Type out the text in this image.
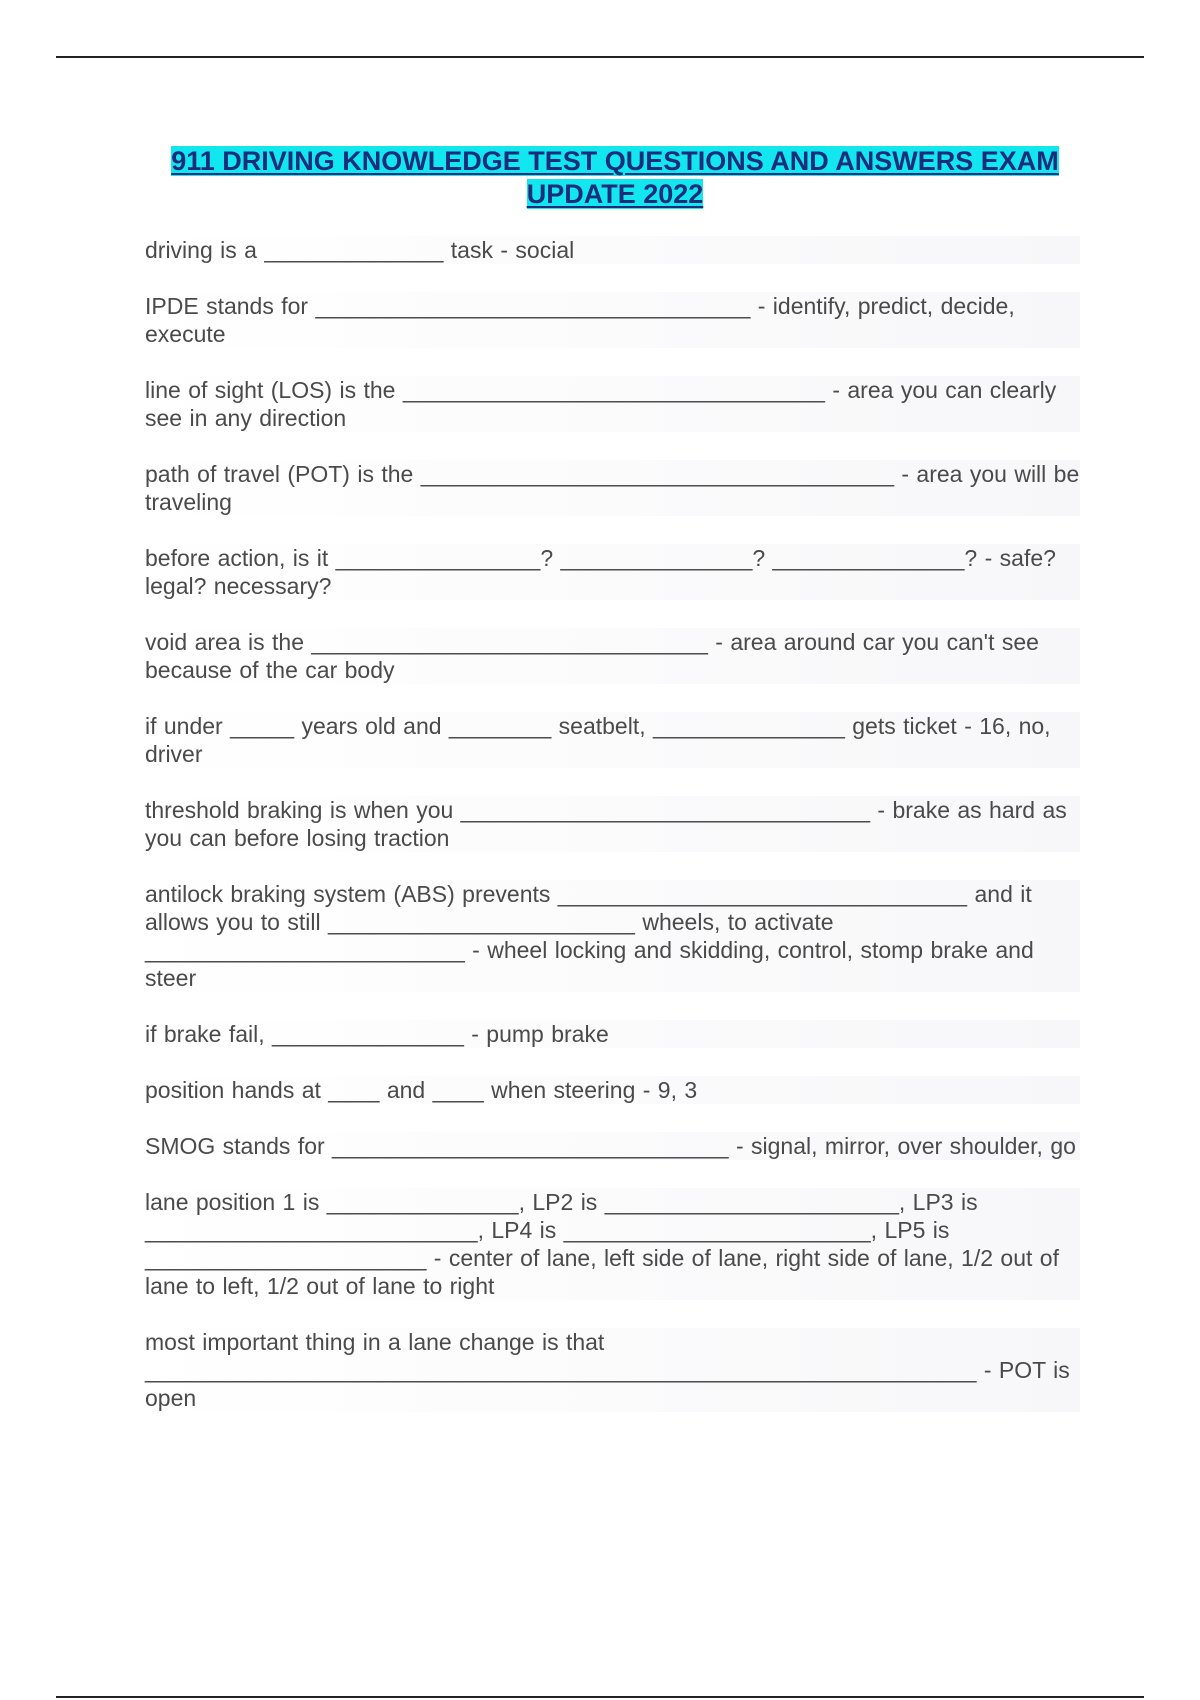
911 DRIVING KNOWLEDGE TEST QUESTIONS AND ANSWERS EXAM UPDATE 2022

driving is a ______________ task - social

IPDE stands for __________________________________ - identify, predict, decide, execute

line of sight (LOS) is the _________________________________ - area you can clearly see in any direction

path of travel (POT) is the _____________________________________ - area you will be traveling

before action, is it ________________? _______________? _______________? - safe? legal? necessary?

void area is the _______________________________ - area around car you can't see because of the car body

if under _____ years old and ________ seatbelt, _______________ gets ticket - 16, no, driver

threshold braking is when you ________________________________ - brake as hard as you can before losing traction

antilock braking system (ABS) prevents ________________________________ and it allows you to still ________________________ wheels, to activate _________________________ - wheel locking and skidding, control, stomp brake and steer

if brake fail, _______________ - pump brake

position hands at ____ and ____ when steering - 9, 3

SMOG stands for _______________________________ - signal, mirror, over shoulder, go

lane position 1 is _______________, LP2 is _______________________, LP3 is __________________________, LP4 is ________________________, LP5 is ______________________ - center of lane, left side of lane, right side of lane, 1/2 out of lane to left, 1/2 out of lane to right

most important thing in a lane change is that _________________________________________________________________ - POT is open
